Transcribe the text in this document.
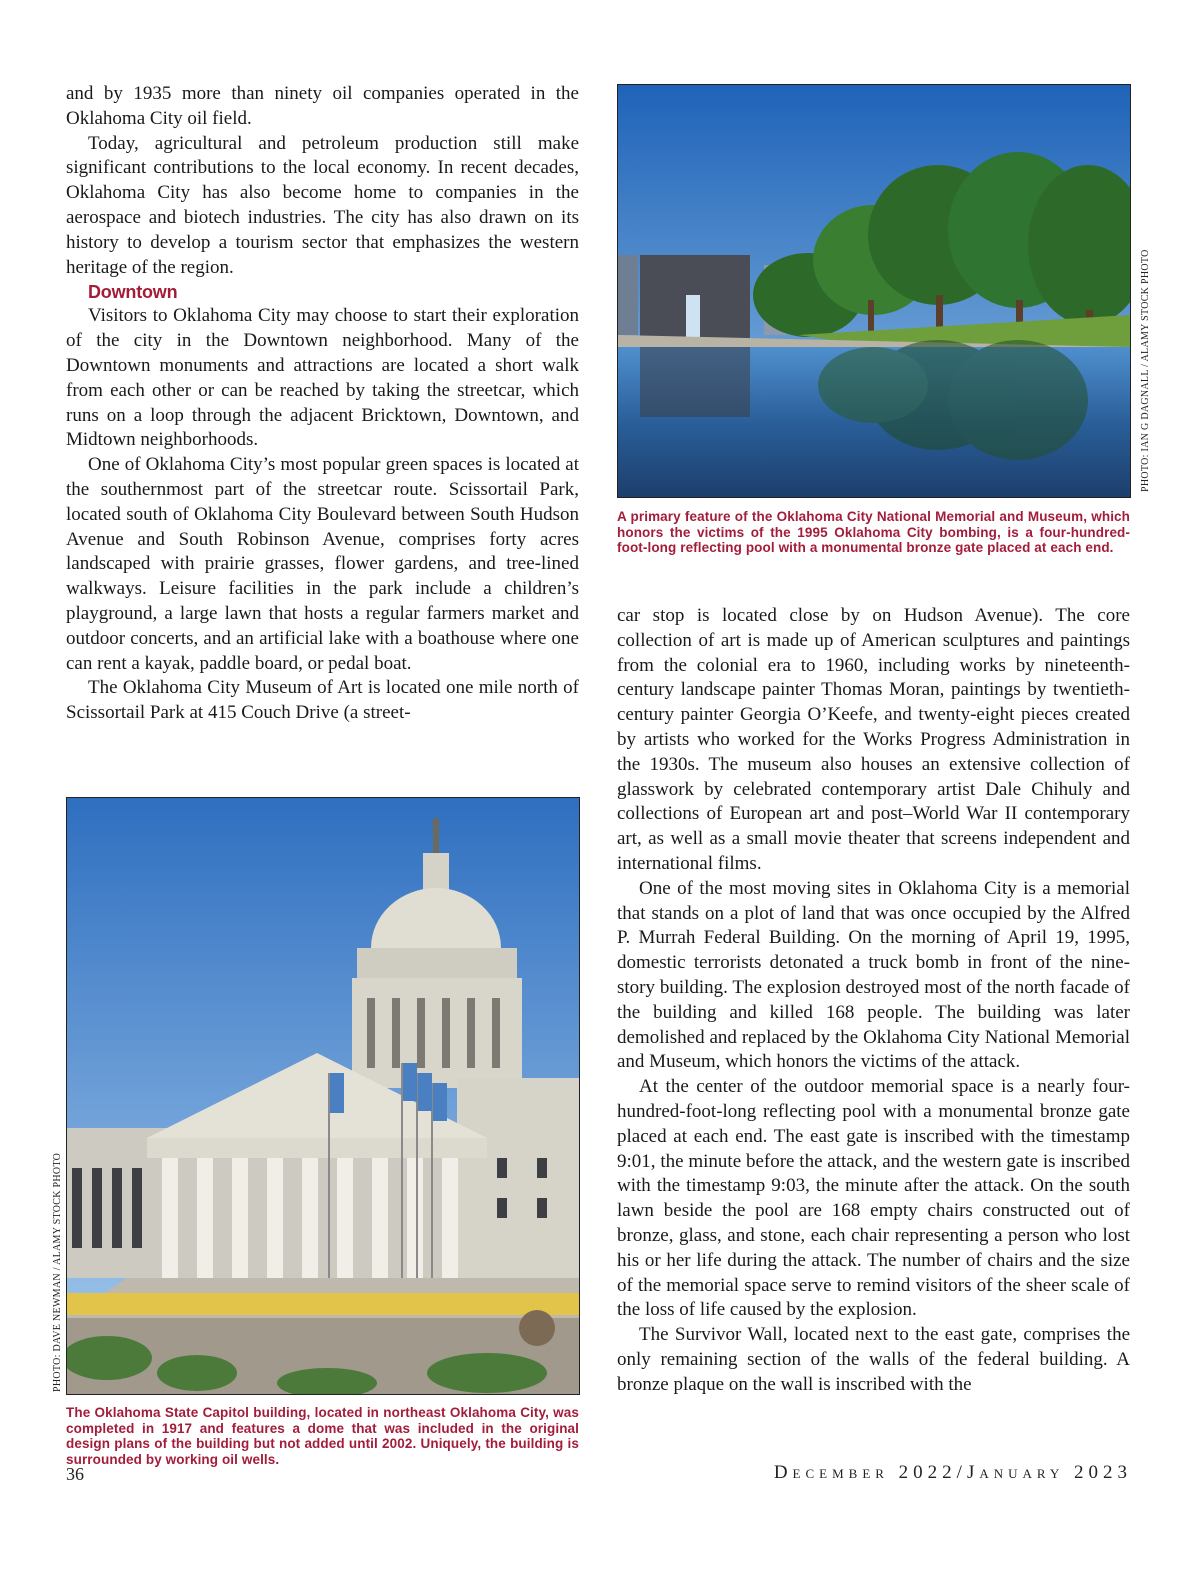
and by 1935 more than ninety oil companies operated in the Oklahoma City oil field.

Today, agricultural and petroleum production still make significant contributions to the local economy. In recent decades, Oklahoma City has also become home to companies in the aerospace and biotech industries. The city has also drawn on its history to develop a tourism sector that emphasizes the western heritage of the region.

Downtown

Visitors to Oklahoma City may choose to start their exploration of the city in the Downtown neighborhood. Many of the Downtown monuments and attractions are located a short walk from each other or can be reached by taking the streetcar, which runs on a loop through the adjacent Bricktown, Downtown, and Midtown neighborhoods.

One of Oklahoma City’s most popular green spaces is located at the southernmost part of the streetcar route. Scissortail Park, located south of Oklahoma City Boulevard between South Hudson Avenue and South Robinson Avenue, comprises forty acres landscaped with prairie grasses, flower gardens, and tree-lined walkways. Leisure facilities in the park include a children’s playground, a large lawn that hosts a regular farmers market and outdoor concerts, and an artificial lake with a boathouse where one can rent a kayak, paddle board, or pedal boat.

The Oklahoma City Museum of Art is located one mile north of Scissortail Park at 415 Couch Drive (a street-

PHOTO: IAN G DAGNALL / ALAMY STOCK PHOTO
A primary feature of the Oklahoma City National Memorial and Museum, which honors the victims of the 1995 Oklahoma City bombing, is a four-hundred-foot-long reflecting pool with a monumental bronze gate placed at each end.

car stop is located close by on Hudson Avenue). The core collection of art is made up of American sculptures and paintings from the colonial era to 1960, including works by nineteenth-century landscape painter Thomas Moran, paintings by twentieth-century painter Georgia O’Keefe, and twenty-eight pieces created by artists who worked for the Works Progress Administration in the 1930s. The museum also houses an extensive collection of glasswork by celebrated contemporary artist Dale Chihuly and collections of European art and post–World War II contemporary art, as well as a small movie theater that screens independent and international films.

One of the most moving sites in Oklahoma City is a memorial that stands on a plot of land that was once occupied by the Alfred P. Murrah Federal Building. On the morning of April 19, 1995, domestic terrorists detonated a truck bomb in front of the nine-story building. The explosion destroyed most of the north facade of the building and killed 168 people. The building was later demolished and replaced by the Oklahoma City National Memorial and Museum, which honors the victims of the attack.

At the center of the outdoor memorial space is a nearly four-hundred-foot-long reflecting pool with a monumental bronze gate placed at each end. The east gate is inscribed with the timestamp 9:01, the minute before the attack, and the western gate is inscribed with the timestamp 9:03, the minute after the attack. On the south lawn beside the pool are 168 empty chairs constructed out of bronze, glass, and stone, each chair representing a person who lost his or her life during the attack. The number of chairs and the size of the memorial space serve to remind visitors of the sheer scale of the loss of life caused by the explosion.

The Survivor Wall, located next to the east gate, comprises the only remaining section of the walls of the federal building. A bronze plaque on the wall is inscribed with the

PHOTO: DAVE NEWMAN / ALAMY STOCK PHOTO
The Oklahoma State Capitol building, located in northeast Oklahoma City, was completed in 1917 and features a dome that was included in the original design plans of the building but not added until 2002. Uniquely, the building is surrounded by working oil wells.
36	December 2022/January 2023
